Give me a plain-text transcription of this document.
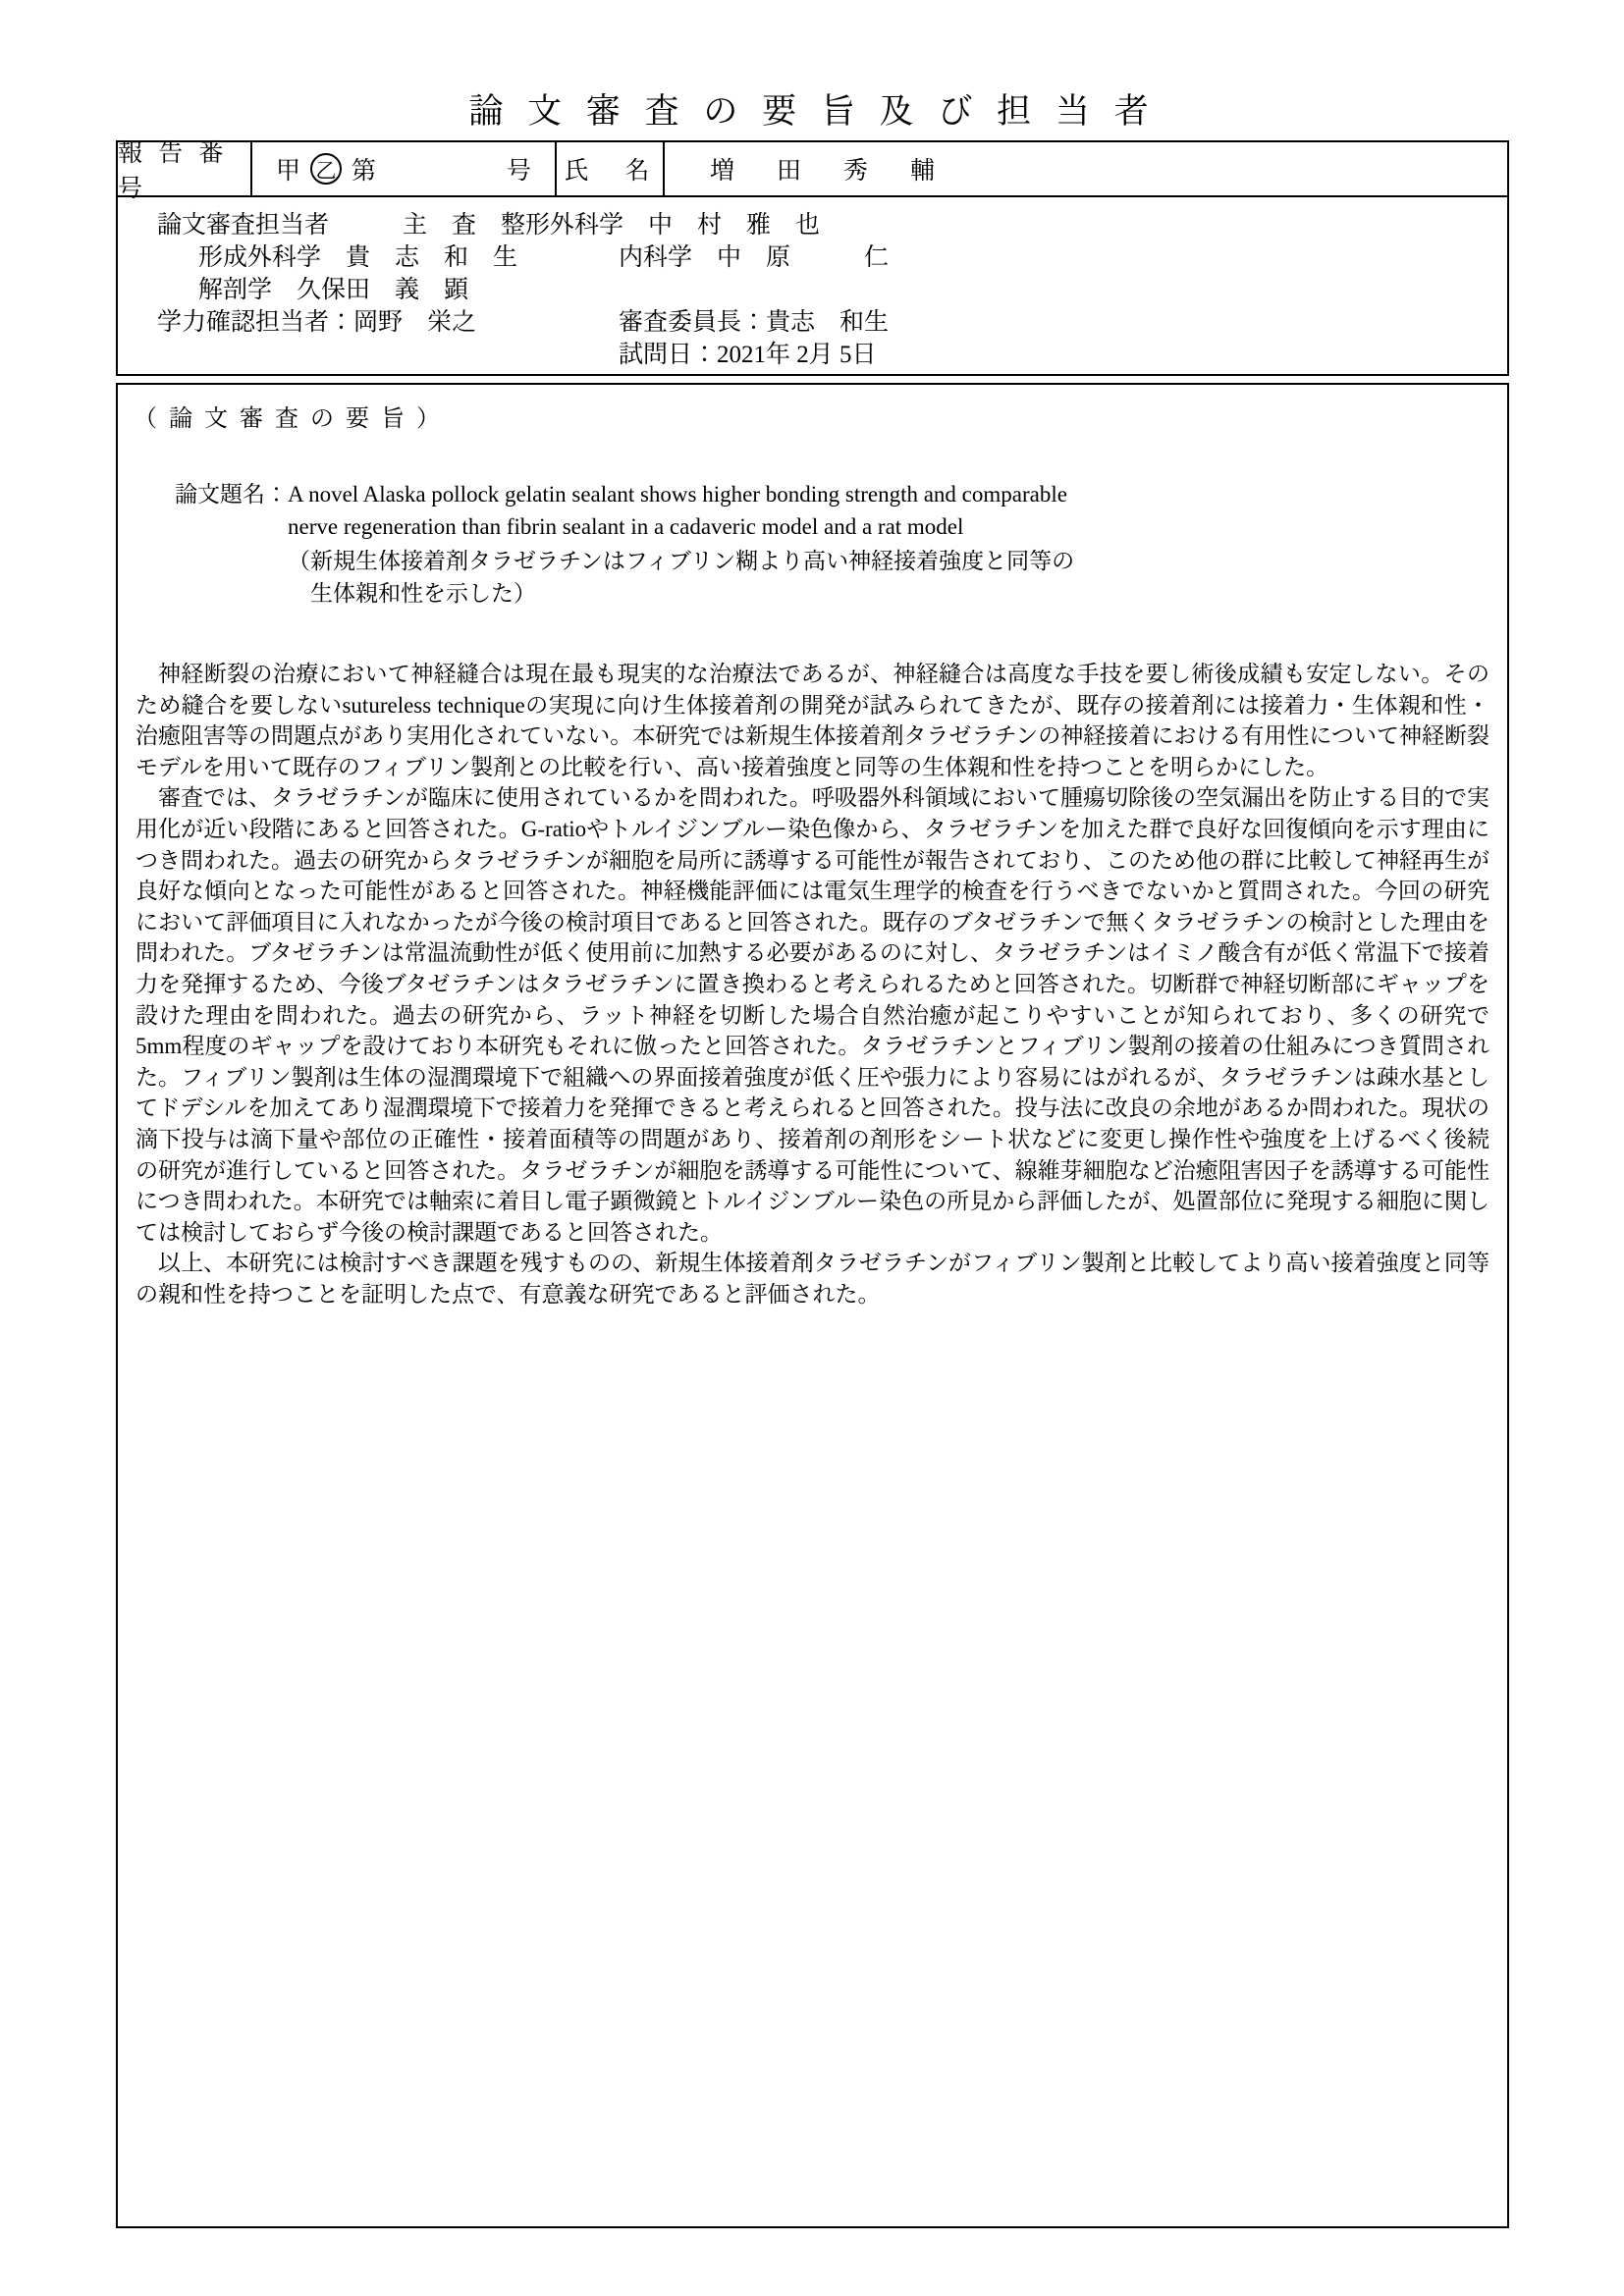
論 文 審 査 の 要 旨 及 び 担 当 者
報 告 番 号
甲 乙 第	号 氏　名	増　田　秀　輔
論文審査担当者　　　主　査　整形外科学　中　村　雅　也
形成外科学　貴　志　和　生	内科学　中　原　　　仁
解剖学　久保田　義　顕
学力確認担当者：岡野　栄之	審査委員長：貴志　和生
試問日：2021年 2月 5日

（ 論 文 審 査 の 要 旨 ）

論文題名： A novel Alaska pollock gelatin sealant shows higher bonding strength and comparable nerve regeneration than fibrin sealant in a cadaveric model and a rat model
（新規生体接着剤タラゼラチンはフィブリン糊より高い神経接着強度と同等の生体親和性を示した）

神経断裂の治療において神経縫合は現在最も現実的な治療法であるが、神経縫合は高度な手技を要し術後成績も安定しない。そのため縫合を要しないsutureless techniqueの実現に向け生体接着剤の開発が試みられてきたが、既存の接着剤には接着力・生体親和性・治癒阻害等の問題点があり実用化されていない。本研究では新規生体接着剤タラゼラチンの神経接着における有用性について神経断裂モデルを用いて既存のフィブリン製剤との比較を行い、高い接着強度と同等の生体親和性を持つことを明らかにした。

審査では、タラゼラチンが臨床に使用されているかを問われた。呼吸器外科領域において腫瘍切除後の空気漏出を防止する目的で実用化が近い段階にあると回答された。G-ratioやトルイジンブルー染色像から、タラゼラチンを加えた群で良好な回復傾向を示す理由につき問われた。過去の研究からタラゼラチンが細胞を局所に誘導する可能性が報告されており、このため他の群に比較して神経再生が良好な傾向となった可能性があると回答された。神経機能評価には電気生理学的検査を行うべきでないかと質問された。今回の研究において評価項目に入れなかったが今後の検討項目であると回答された。既存のブタゼラチンで無くタラゼラチンの検討とした理由を問われた。ブタゼラチンは常温流動性が低く使用前に加熱する必要があるのに対し、タラゼラチンはイミノ酸含有が低く常温下で接着力を発揮するため、今後ブタゼラチンはタラゼラチンに置き換わると考えられるためと回答された。切断群で神経切断部にギャップを設けた理由を問われた。過去の研究から、ラット神経を切断した場合自然治癒が起こりやすいことが知られており、多くの研究で5mm程度のギャップを設けており本研究もそれに倣ったと回答された。タラゼラチンとフィブリン製剤の接着の仕組みにつき質問された。フィブリン製剤は生体の湿潤環境下で組織への界面接着強度が低く圧や張力により容易にはがれるが、タラゼラチンは疎水基としてドデシルを加えてあり湿潤環境下で接着力を発揮できると考えられると回答された。投与法に改良の余地があるか問われた。現状の滴下投与は滴下量や部位の正確性・接着面積等の問題があり、接着剤の剤形をシート状などに変更し操作性や強度を上げるべく後続の研究が進行していると回答された。タラゼラチンが細胞を誘導する可能性について、線維芽細胞など治癒阻害因子を誘導する可能性につき問われた。本研究では軸索に着目し電子顕微鏡とトルイジンブルー染色の所見から評価したが、処置部位に発現する細胞に関しては検討しておらず今後の検討課題であると回答された。

以上、本研究には検討すべき課題を残すものの、新規生体接着剤タラゼラチンがフィブリン製剤と比較してより高い接着強度と同等の親和性を持つことを証明した点で、有意義な研究であると評価された。
